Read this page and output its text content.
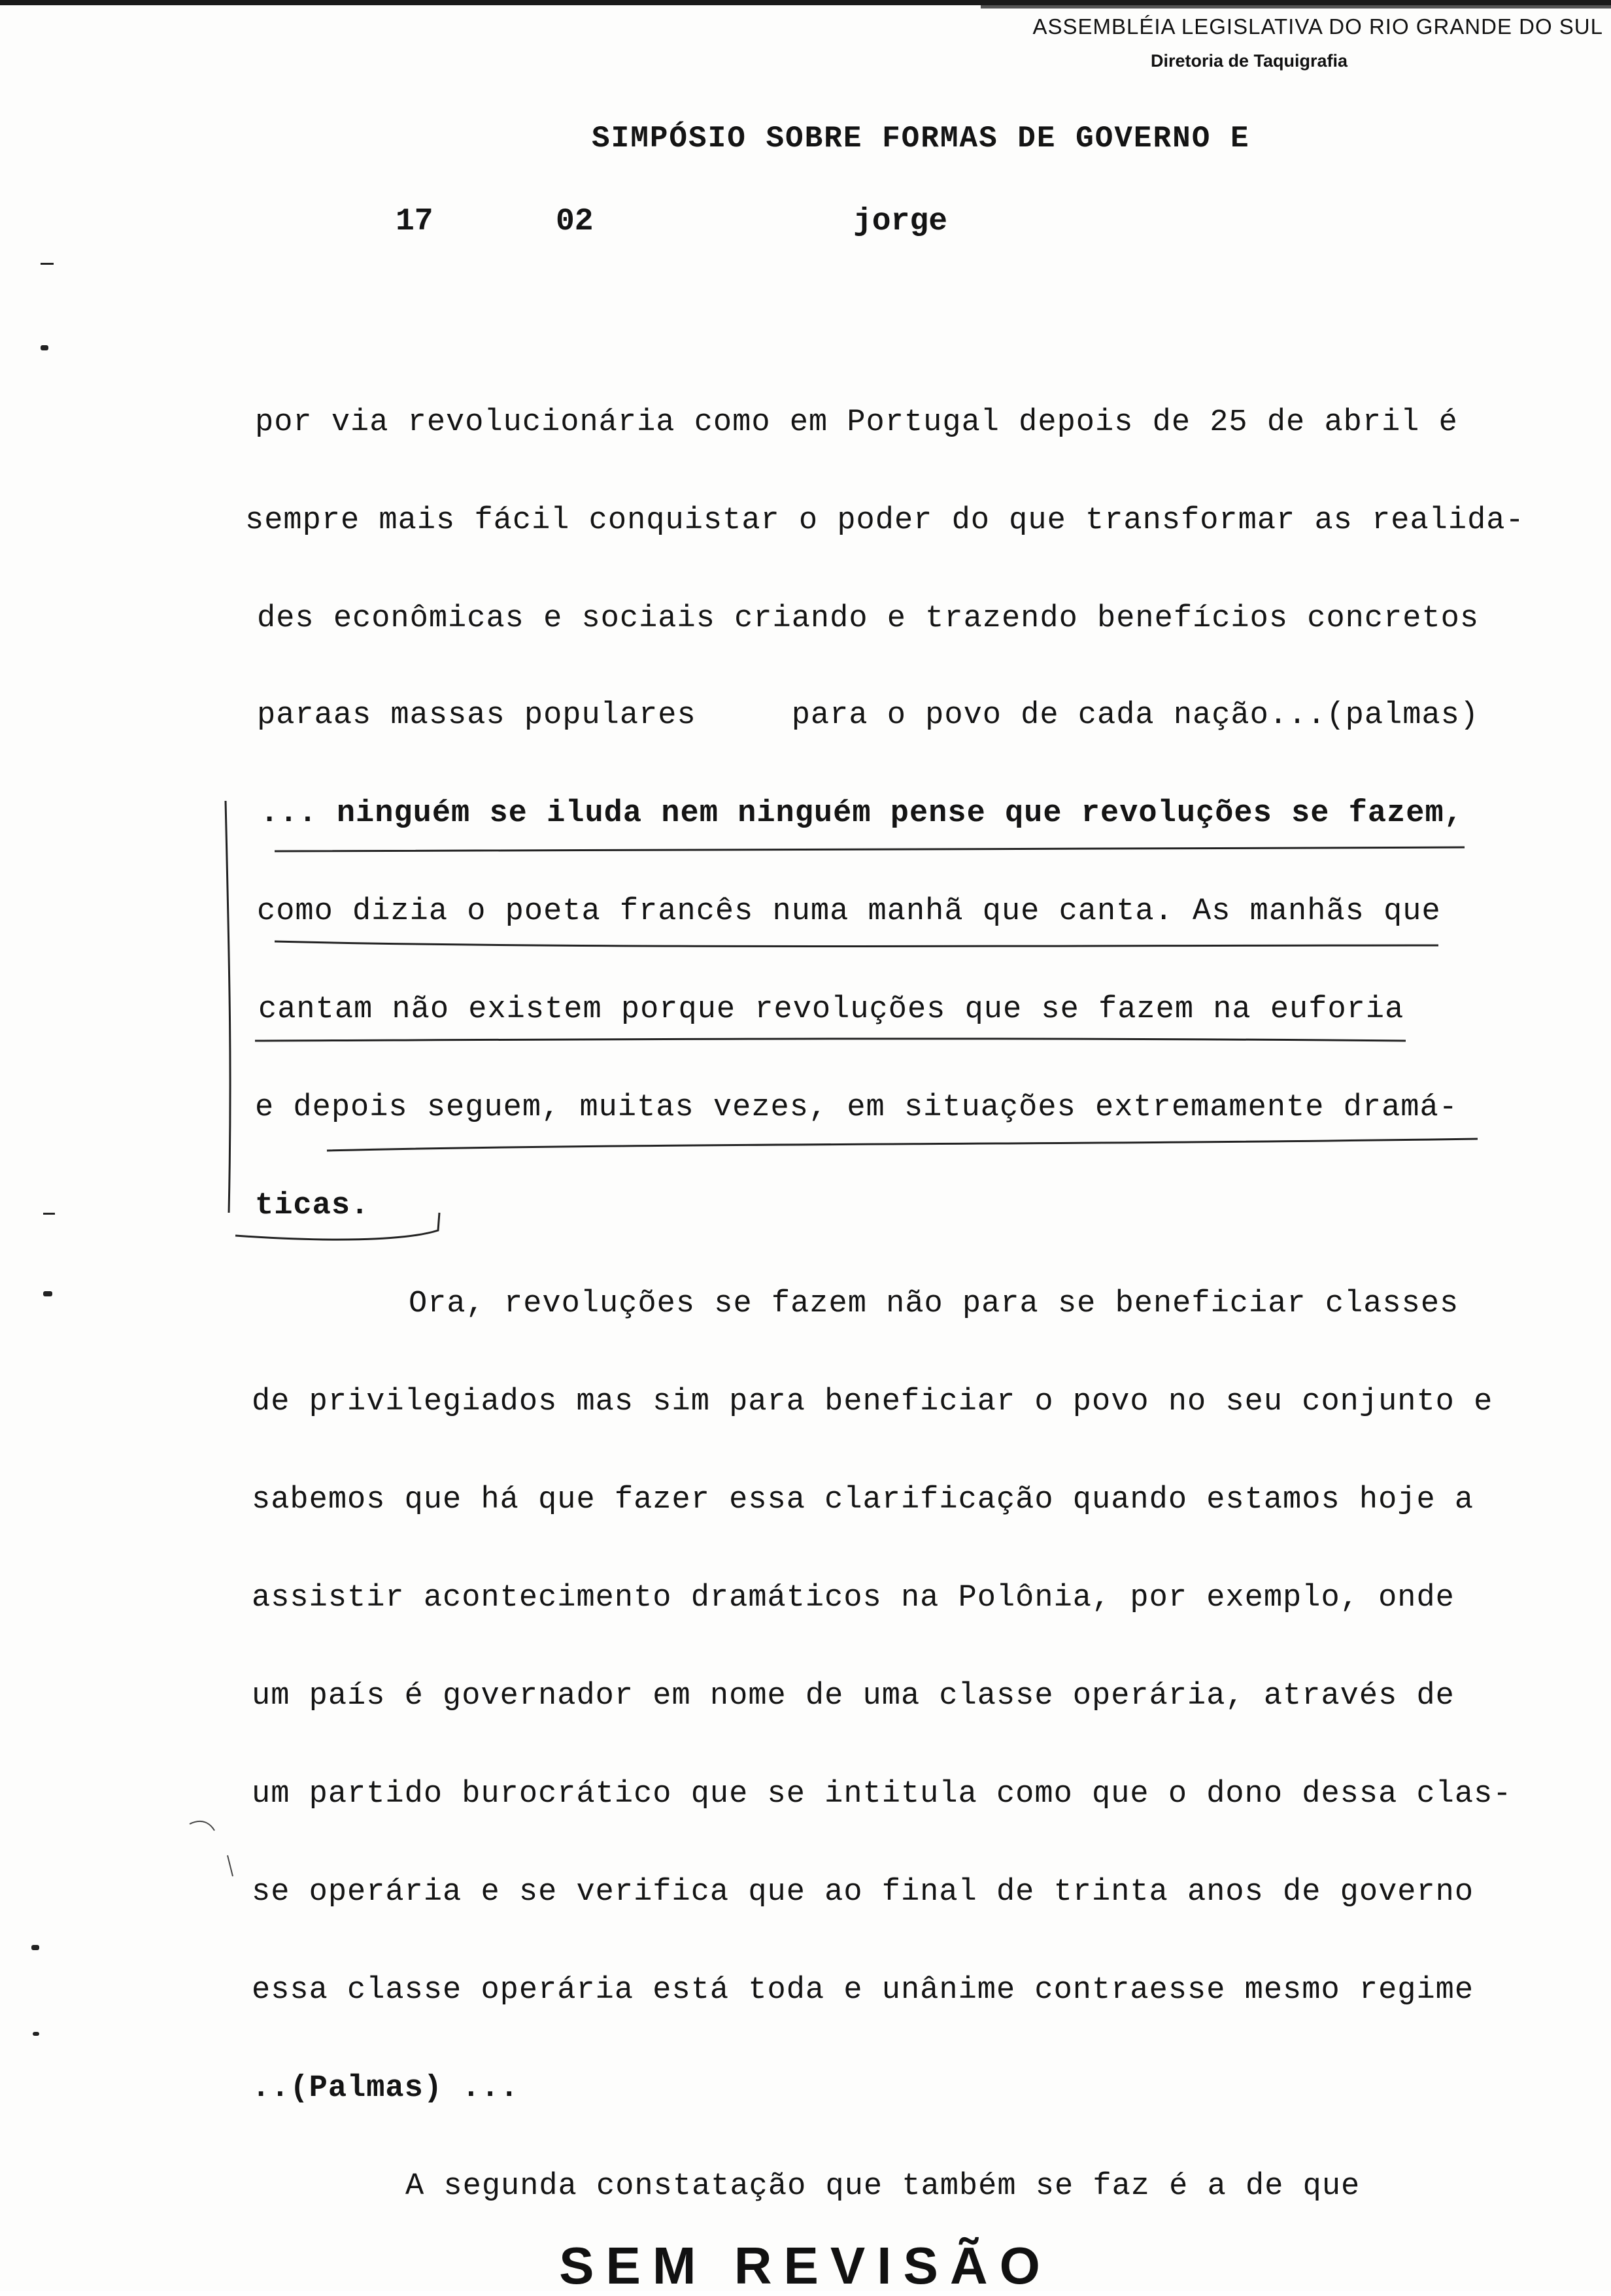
ASSEMBLÉIA LEGISLATIVA DO RIO GRANDE DO SUL
Diretoria de Taquigrafia
SIMPÓSIO SOBRE FORMAS DE GOVERNO E
17	02	jorge
por via revolucionária como em Portugal depois de 25 de abril é
sempre mais fácil conquistar o poder do que transformar as realida-
des econômicas e sociais criando e trazendo benefícios concretos
paraas massas populares     para o povo de cada nação...(palmas)
... ninguém se iluda nem ninguém pense que revoluções se fazem,
como dizia o poeta francês numa manhã que canta. As manhãs que
cantam não existem porque revoluções que se fazem na euforia
e depois seguem, muitas vezes, em situações extremamente dramá-
ticas.
Ora, revoluções se fazem não para se beneficiar classes
de privilegiados mas sim para beneficiar o povo no seu conjunto e
sabemos que há que fazer essa clarificação quando estamos hoje a
assistir acontecimento dramáticos na Polônia, por exemplo, onde
um país é governador em nome de uma classe operária, através de
um partido burocrático que se intitula como que o dono dessa clas-
se operária e se verifica que ao final de trinta anos de governo
essa classe operária está toda e unânime contraesse mesmo regime
..(Palmas) ...
A segunda constatação que também se faz é a de que
SEM REVISÃO
